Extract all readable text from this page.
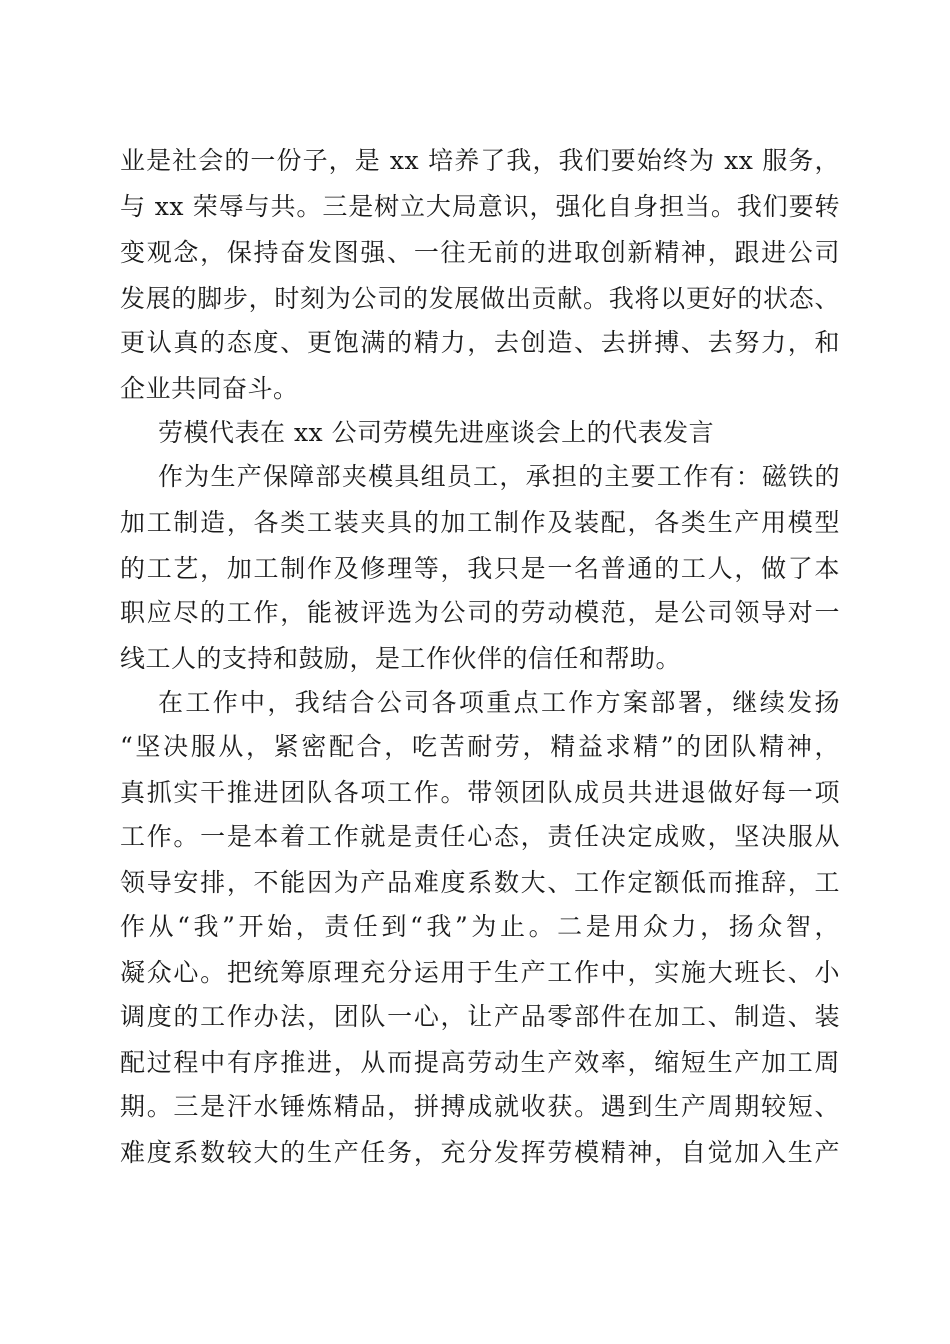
业是社会的一份子，是 xx 培养了我，我们要始终为 xx 服务，
与 xx 荣辱与共。三是树立大局意识，强化自身担当。我们要转
变观念，保持奋发图强、一往无前的进取创新精神，跟进公司
发展的脚步，时刻为公司的发展做出贡献。我将以更好的状态、
更认真的态度、更饱满的精力，去创造、去拼搏、去努力，和
企业共同奋斗。
劳模代表在 xx 公司劳模先进座谈会上的代表发言
作为生产保障部夹模具组员工，承担的主要工作有：磁铁的
加工制造，各类工装夹具的加工制作及装配，各类生产用模型
的工艺，加工制作及修理等，我只是一名普通的工人，做了本
职应尽的工作，能被评选为公司的劳动模范，是公司领导对一
线工人的支持和鼓励，是工作伙伴的信任和帮助。
在工作中，我结合公司各项重点工作方案部署，继续发扬
“坚决服从，紧密配合，吃苦耐劳，精益求精”的团队精神，
真抓实干推进团队各项工作。带领团队成员共进退做好每一项
工作。一是本着工作就是责任心态，责任决定成败，坚决服从
领导安排，不能因为产品难度系数大、工作定额低而推辞，工
作从“我”开始，责任到“我”为止。二是用众力，扬众智，
凝众心。把统筹原理充分运用于生产工作中，实施大班长、小
调度的工作办法，团队一心，让产品零部件在加工、制造、装
配过程中有序推进，从而提高劳动生产效率，缩短生产加工周
期。三是汗水锤炼精品，拼搏成就收获。遇到生产周期较短、
难度系数较大的生产任务，充分发挥劳模精神，自觉加入生产
